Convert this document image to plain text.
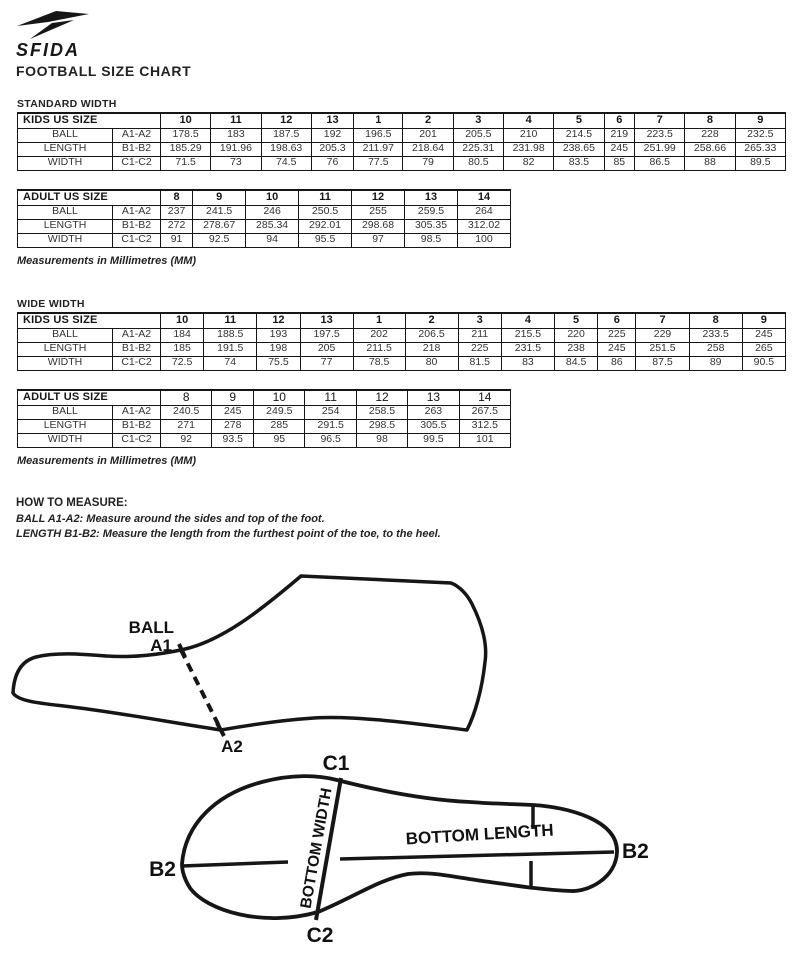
SFIDA
FOOTBALL SIZE CHART
STANDARD WIDTH
KIDS US SIZE		10	11	12	13	1	2	3	4	5	6	7	8	9
BALL	A1-A2	178.5	183	187.5	192	196.5	201	205.5	210	214.5	219	223.5	228	232.5
LENGTH	B1-B2	185.29	191.96	198.63	205.3	211.97	218.64	225.31	231.98	238.65	245	251.99	258.66	265.33
WIDTH	C1-C2	71.5	73	74.5	76	77.5	79	80.5	82	83.5	85	86.5	88	89.5
ADULT US SIZE		8	9	10	11	12	13	14
BALL	A1-A2	237	241.5	246	250.5	255	259.5	264
LENGTH	B1-B2	272	278.67	285.34	292.01	298.68	305.35	312.02
WIDTH	C1-C2	91	92.5	94	95.5	97	98.5	100
Measurements in Millimetres (MM)
WIDE WIDTH
KIDS US SIZE		10	11	12	13	1	2	3	4	5	6	7	8	9
BALL	A1-A2	184	188.5	193	197.5	202	206.5	211	215.5	220	225	229	233.5	245
LENGTH	B1-B2	185	191.5	198	205	211.5	218	225	231.5	238	245	251.5	258	265
WIDTH	C1-C2	72.5	74	75.5	77	78.5	80	81.5	83	84.5	86	87.5	89	90.5
ADULT US SIZE		8	9	10	11	12	13	14
BALL	A1-A2	240.5	245	249.5	254	258.5	263	267.5
LENGTH	B1-B2	271	278	285	291.5	298.5	305.5	312.5
WIDTH	C1-C2	92	93.5	95	96.5	98	99.5	101
Measurements in Millimetres (MM)

HOW TO MEASURE:

BALL A1-A2: Measure around the sides and top of the foot.

LENGTH B1-B2: Measure the length from the furthest point of the toe, to the heel.

BALL
A1
A2
C1
C2
B2
B2
BOTTOM WIDTH	BOTTOM LENGTH
